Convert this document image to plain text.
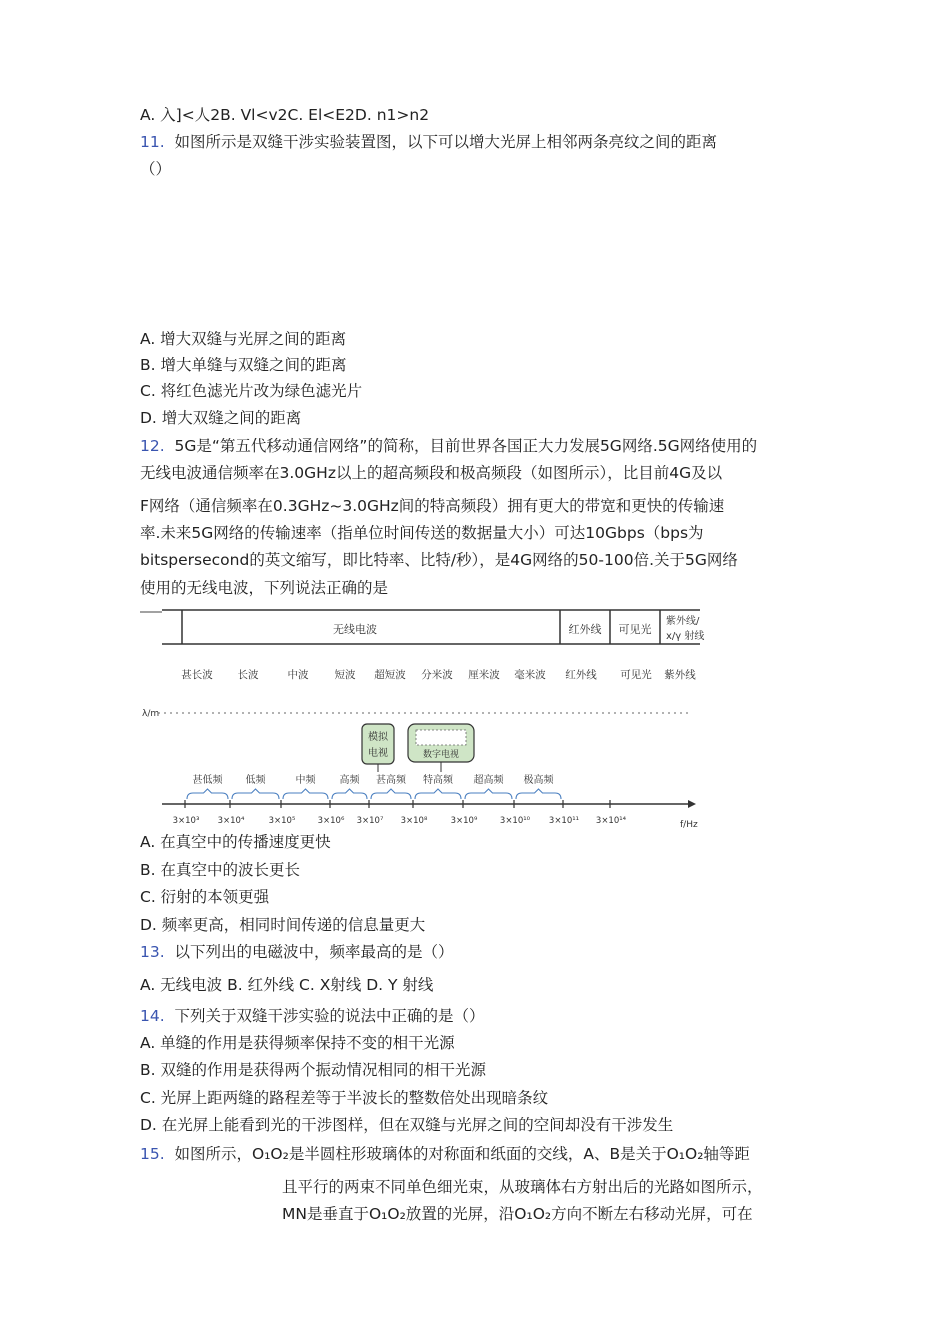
A. 入]<人2B. Vl<v2C. El<E2D. n1>n2
11. 如图所示是双缝干涉实验装置图，以下可以增大光屏上相邻两条亮纹之间的距离
（）
A. 增大双缝与光屏之间的距离
B. 增大单缝与双缝之间的距离
C. 将红色滤光片改为绿色滤光片
D. 增大双缝之间的距离
12. 5G是“第五代移动通信网络”的简称，目前世界各国正大力发展5G网络.5G网络使用的
无线电波通信频率在3.0GHz以上的超高频段和极高频段（如图所示），比目前4G及以
F网络（通信频率在0.3GHz~3.0GHz间的特高频段）拥有更大的带宽和更快的传输速
率.未来5G网络的传输速率（指单位时间传送的数据量大小）可达10Gbps（bps为
bitspersecond的英文缩写，即比特率、比特/秒），是4G网络的50-100倍.关于5G网络
使用的无线电波，下列说法正确的是
无线电波	红外线 可见光
紫外线/
x/γ 射线
甚长波 长波	中波 短波 超短波 分米波 厘米波 毫米波 红外线 可见光 紫外线
λ/m
模拟
电视	数字电视
甚低频 低频	中频 高频 甚高频 特高频 超高频 极高频
3×10³ 3×10⁴	3×10⁵	3×10⁶ 3×10⁷ 3×10⁸	3×10⁹	3×10¹⁰ 3×10¹¹ 3×10¹⁴	f/Hz
A. 在真空中的传播速度更快
B. 在真空中的波长更长
C. 衍射的本领更强
D. 频率更高，相同时间传递的信息量更大
13. 以下列出的电磁波中，频率最高的是（）
A. 无线电波 B. 红外线 C. X射线 D. Y 射线
14. 下列关于双缝干涉实验的说法中正确的是（）
A. 单缝的作用是获得频率保持不变的相干光源
B. 双缝的作用是获得两个振动情况相同的相干光源
C. 光屏上距两缝的路程差等于半波长的整数倍处出现暗条纹
D. 在光屏上能看到光的干涉图样，但在双缝与光屏之间的空间却没有干涉发生
15. 如图所示，O₁O₂是半圆柱形玻璃体的对称面和纸面的交线，A、B是关于O₁O₂轴等距
且平行的两束不同单色细光束，从玻璃体右方射出后的光路如图所示，
MN是垂直于O₁O₂放置的光屏，沿O₁O₂方向不断左右移动光屏，可在
